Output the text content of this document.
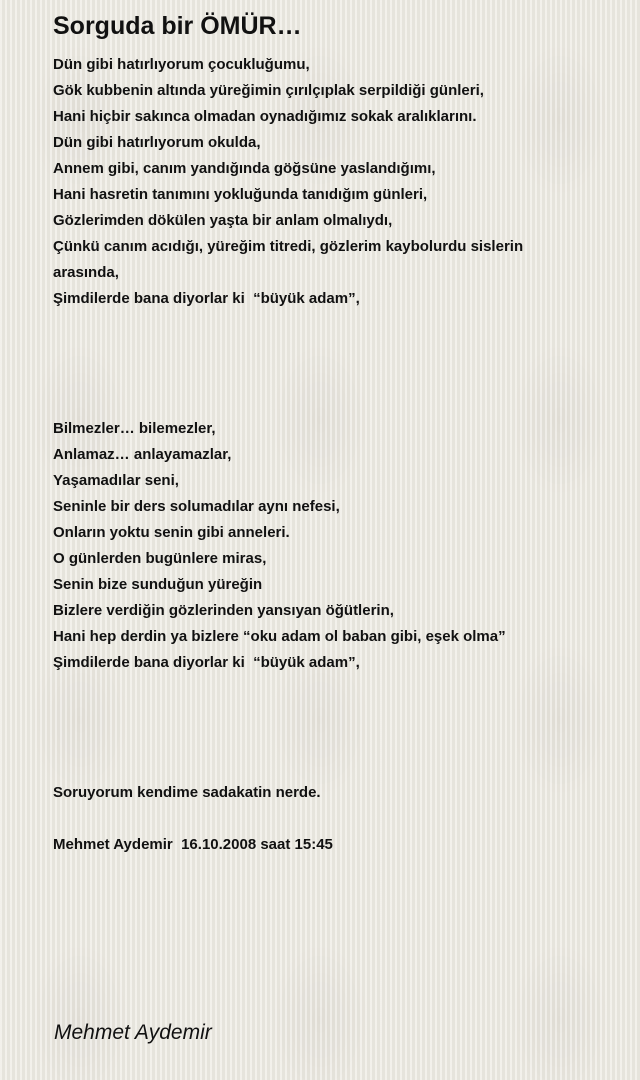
Sorguda bir ÖMÜR…
Dün gibi hatırlıyorum çocukluğumu,
Gök kubbenin altında yüreğimin çırılçıplak serpildiği günleri,
Hani hiçbir sakınca olmadan oynadığımız sokak aralıklarını.
Dün gibi hatırlıyorum okulda,
Annem gibi, canım yandığında göğsüne yaslandığımı,
Hani hasretin tanımını yokluğunda tanıdığım günleri,
Gözlerimden dökülen yaşta bir anlam olmalıydı,
Çünkü canım acıdığı, yüreğim titredi, gözlerim kaybolurdu sislerin
arasında,
Şimdilerde bana diyorlar ki  “büyük adam”,
Bilmezler… bilemezler,
Anlamaz… anlayamazlar,
Yaşamadılar seni,
Seninle bir ders solumadılar aynı nefesi,
Onların yoktu senin gibi anneleri.
O günlerden bugünlere miras,
Senin bize sunduğun yüreğin
Bizlere verdiğin gözlerinden yansıyan öğütlerin,
Hani hep derdin ya bizlere “oku adam ol baban gibi, eşek olma”
Şimdilerde bana diyorlar ki  “büyük adam”,
Soruyorum kendime sadakatin nerde.
Mehmet Aydemir  16.10.2008 saat 15:45
Mehmet Aydemir
